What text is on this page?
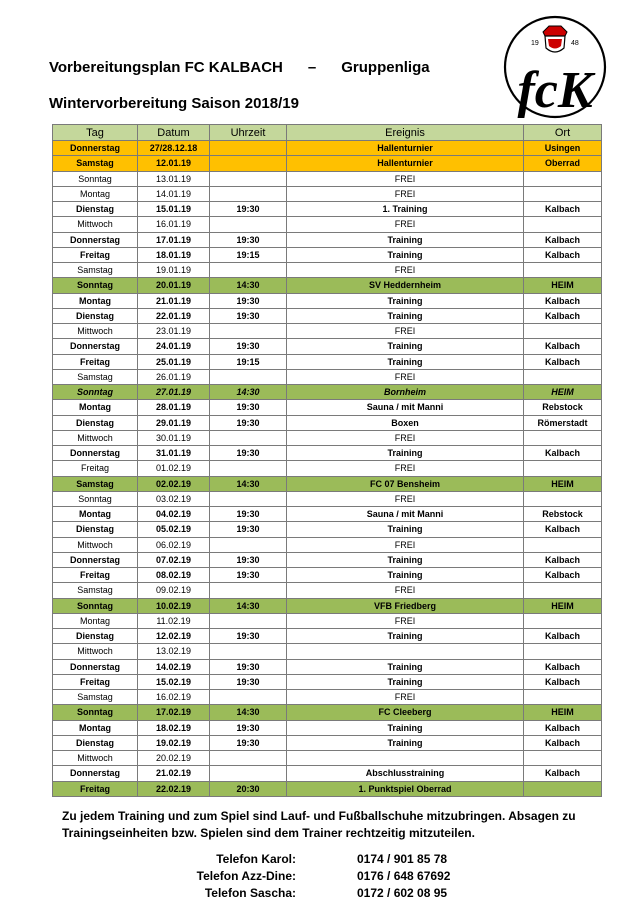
Vorbereitungsplan FC KALBACH      –      Gruppenliga
Wintervorbereitung Saison 2018/19
19	48
fcK
Tag	Datum	Uhrzeit	Ereignis	Ort
Donnerstag	27/28.12.18		Hallenturnier	Usingen
Samstag	12.01.19		Hallenturnier	Oberrad
Sonntag	13.01.19		FREI	
Montag	14.01.19		FREI	
Dienstag	15.01.19	19:30	1. Training	Kalbach
Mittwoch	16.01.19		FREI	
Donnerstag	17.01.19	19:30	Training	Kalbach
Freitag	18.01.19	19:15	Training	Kalbach
Samstag	19.01.19		FREI	
Sonntag	20.01.19	14:30	SV Heddernheim	HEIM
Montag	21.01.19	19:30	Training	Kalbach
Dienstag	22.01.19	19:30	Training	Kalbach
Mittwoch	23.01.19		FREI	
Donnerstag	24.01.19	19:30	Training	Kalbach
Freitag	25.01.19	19:15	Training	Kalbach
Samstag	26.01.19		FREI	
Sonntag	27.01.19	14:30	Bornheim	HEIM
Montag	28.01.19	19:30	Sauna / mit Manni	Rebstock
Dienstag	29.01.19	19:30	Boxen	Römerstadt
Mittwoch	30.01.19		FREI	
Donnerstag	31.01.19	19:30	Training	Kalbach
Freitag	01.02.19		FREI	
Samstag	02.02.19	14:30	FC 07 Bensheim	HEIM
Sonntag	03.02.19		FREI	
Montag	04.02.19	19:30	Sauna / mit Manni	Rebstock
Dienstag	05.02.19	19:30	Training	Kalbach
Mittwoch	06.02.19		FREI	
Donnerstag	07.02.19	19:30	Training	Kalbach
Freitag	08.02.19	19:30	Training	Kalbach
Samstag	09.02.19		FREI	
Sonntag	10.02.19	14:30	VFB Friedberg	HEIM
Montag	11.02.19		FREI	
Dienstag	12.02.19	19:30	Training	Kalbach
Mittwoch	13.02.19			
Donnerstag	14.02.19	19:30	Training	Kalbach
Freitag	15.02.19	19:30	Training	Kalbach
Samstag	16.02.19		FREI	
Sonntag	17.02.19	14:30	FC Cleeberg	HEIM
Montag	18.02.19	19:30	Training	Kalbach
Dienstag	19.02.19	19:30	Training	Kalbach
Mittwoch	20.02.19			
Donnerstag	21.02.19		Abschlusstraining	Kalbach
Freitag	22.02.19	20:30	1. Punktspiel Oberrad	
Zu jedem Training und zum Spiel sind Lauf- und Fußballschuhe mitzubringen. Absagen zu Trainingseinheiten bzw. Spielen sind dem Trainer rechtzeitig mitzuteilen.
Telefon Karol:	0174 / 901 85 78
Telefon Azz-Dine:	0176 / 648 67692
Telefon Sascha:	0172 / 602 08 95
